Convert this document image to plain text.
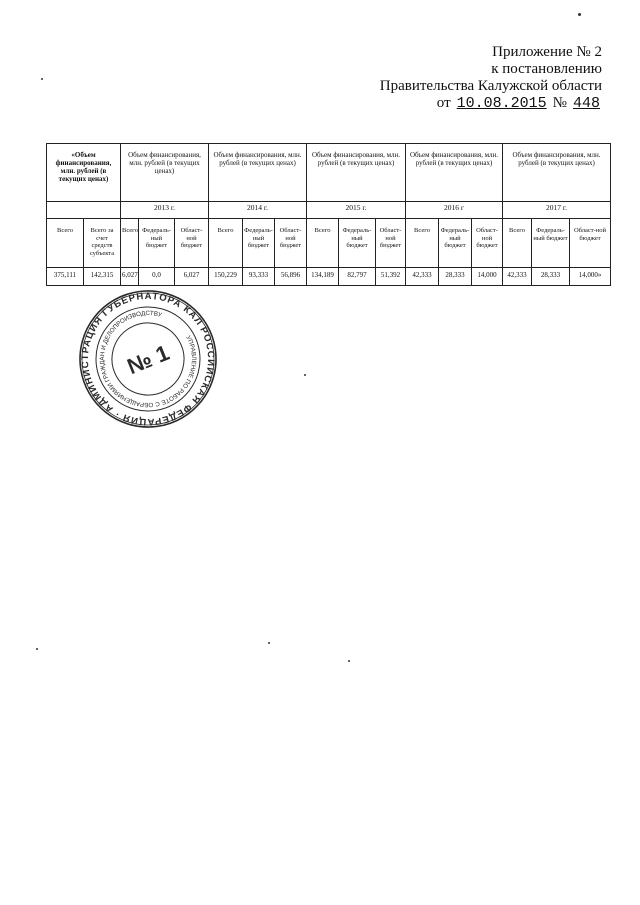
Приложение № 2
к постановлению
Правительства Калужской области
от 10.08.2015 № 448
«Объем финансирования, млн. рублей (в текущих ценах)		Объем финансирования, млн. рублей (в текущих ценах)			Объем финансирования, млн. рублей (в текущих ценах)			Объем финансирования, млн. рублей (в текущих ценах)			Объем финансирования, млн. рублей (в текущих ценах)			Объем финансирования, млн. рублей (в текущих ценах)		
		2013 г.			2014 г.			2015 г.			2016 г			2017 г.		
Всего	Всего за счет средств субъекта	Всего	Федераль-ный бюджет	Област-ной бюджет	Всего	Федераль-ный бюджет	Област-ной бюджет	Всего	Федераль-ный бюджет	Област-ной бюджет	Всего	Федераль-ный бюджет	Област-ной бюджет	Всего	Федераль-ный бюджет	Област-ной бюджет
375,111	142,315	6,027	0,0	6,027	150,229	93,333	56,896	134,189	82,797	51,392	42,333	28,333	14,000	42,333	28,333	14,000»
РОССИЙСКАЯ ФЕДЕРАЦИЯ · АДМИНИСТРАЦИЯ ГУБЕРНАТОРА КАЛУЖСКОЙ
УПРАВЛЕНИЕ ПО РАБОТЕ С ОБРАЩЕНИЯМИ ГРАЖДАН И ДЕЛОПРОИЗВОДСТВУ
№ 1
